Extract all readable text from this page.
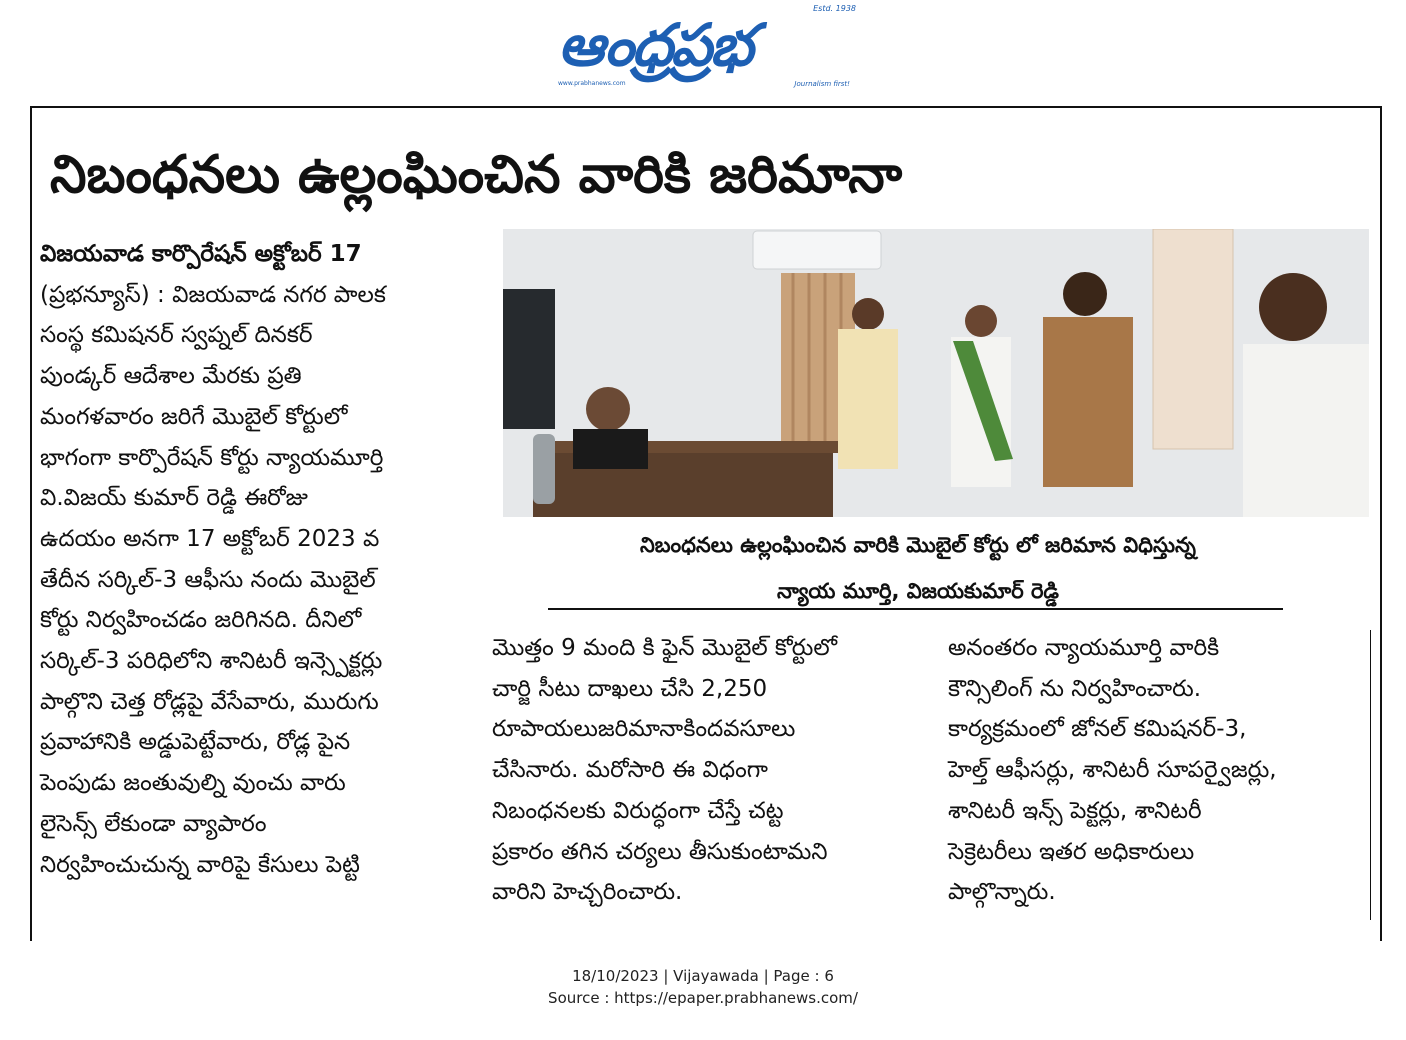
ఆంధ్రప్రభ
Estd. 1938
www.prabhanews.com	Journalism first!
నిబంధనలు ఉల్లంఘించిన వారికి జరిమానా
విజయవాడ కార్పొరేషన్ అక్టోబర్ 17
(ప్రభన్యూస్) : విజయవాడ నగర పాలక
సంస్థ కమిషనర్ స్వప్నల్ దినకర్
పుండ్కర్ ఆదేశాల మేరకు ప్రతి
మంగళవారం జరిగే మొబైల్ కోర్టులో
భాగంగా కార్పొరేషన్ కోర్టు న్యాయమూర్తి
వి.విజయ్ కుమార్ రెడ్డి ఈరోజు
ఉదయం అనగా 17 అక్టోబర్ 2023 వ
తేదీన సర్కిల్-3 ఆఫీసు నందు మొబైల్
కోర్టు నిర్వహించడం జరిగినది. దీనిలో
సర్కిల్-3 పరిధిలోని శానిటరీ ఇన్స్పెక్టర్లు
పాల్గొని చెత్త రోడ్లపై వేసేవారు, మురుగు
ప్రవాహానికి అడ్డుపెట్టేవారు, రోడ్ల పైన
పెంపుడు జంతువుల్ని వుంచు వారు
లైసెన్స్ లేకుండా వ్యాపారం
నిర్వహించుచున్న వారిపై కేసులు పెట్టి
నిబంధనలు ఉల్లంఘించిన వారికి మొబైల్ కోర్టు లో జరిమాన విధిస్తున్న
న్యాయ మూర్తి, విజయకుమార్ రెడ్డి
మొత్తం 9 మంది కి ఫైన్ మొబైల్ కోర్టులో
చార్జి సీటు దాఖలు చేసి 2,250
రూపాయలుజరిమానాకిందవసూలు
చేసినారు. మరోసారి ఈ విధంగా
నిబంధనలకు విరుద్ధంగా చేస్తే చట్ట
ప్రకారం తగిన చర్యలు తీసుకుంటామని
వారిని హెచ్చరించారు.
అనంతరం న్యాయమూర్తి వారికి
కౌన్సిలింగ్ ను నిర్వహించారు.
కార్యక్రమంలో జోనల్ కమిషనర్-3,
హెల్త్ ఆఫీసర్లు, శానిటరీ సూపర్వైజర్లు,
శానిటరీ ఇన్స్ పెక్టర్లు, శానిటరీ
సెక్రెటరీలు ఇతర అధికారులు
పాల్గొన్నారు.
18/10/2023 | Vijayawada | Page : 6
Source : https://epaper.prabhanews.com/
